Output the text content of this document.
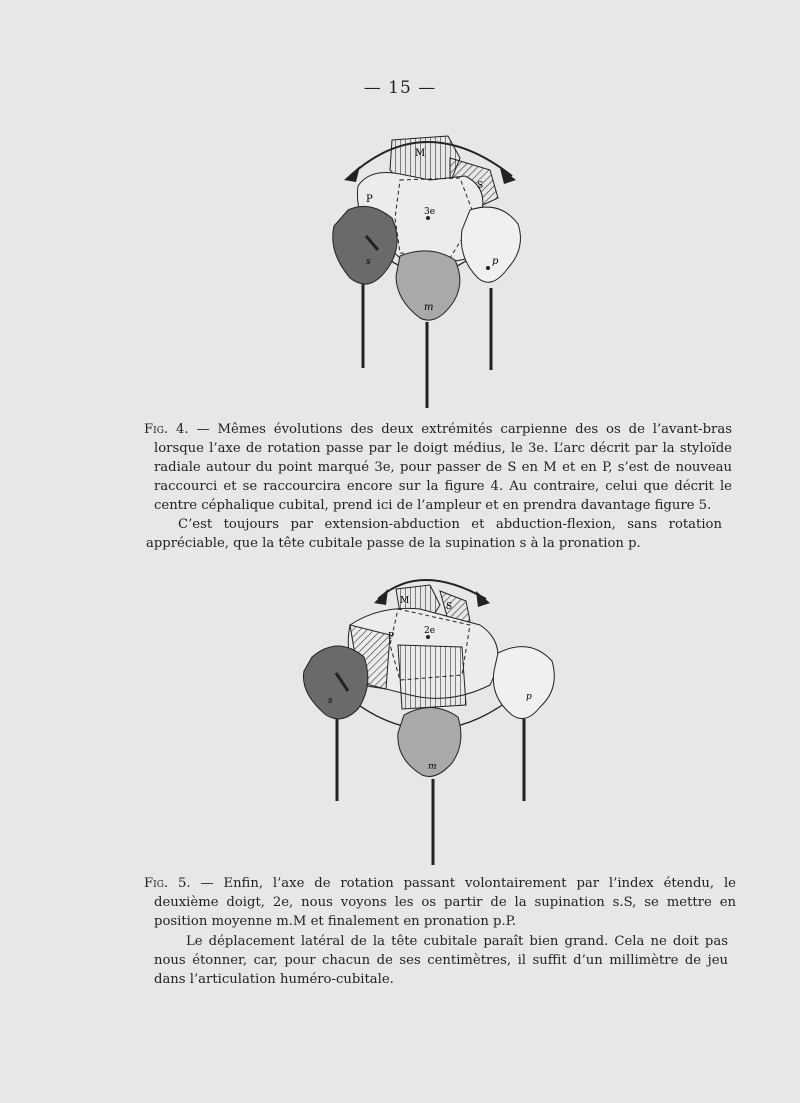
— 15 —
M
S
P
3e
s
m
p

Fig. 4. — Mêmes évolutions des deux extrémités carpienne des os de l’avant-bras lorsque l’axe de rotation passe par le doigt médius, le 3e. L’arc décrit par la styloïde radiale autour du point marqué 3e, pour passer de S en M et en P, s’est de nouveau raccourci et se raccourcira encore sur la figure 4. Au contraire, celui que décrit le centre céphalique cubital, prend ici de l’ampleur et en prendra davantage figure 5.

C’est toujours par extension-abduction et abduction-flexion, sans rotation appréciable, que la tête cubitale passe de la supination s à la pronation p.

M
S
P
2e
s
m
p

Fig. 5. — Enfin, l’axe de rotation passant volontairement par l’index étendu, le deuxième doigt, 2e, nous voyons les os partir de la supination s.S, se mettre en position moyenne m.M et finalement en pronation p.P.

Le déplacement latéral de la tête cubitale paraît bien grand. Cela ne doit pas nous étonner, car, pour chacun de ses centimètres, il suffit d’un millimètre de jeu dans l’articulation huméro-cubitale.
